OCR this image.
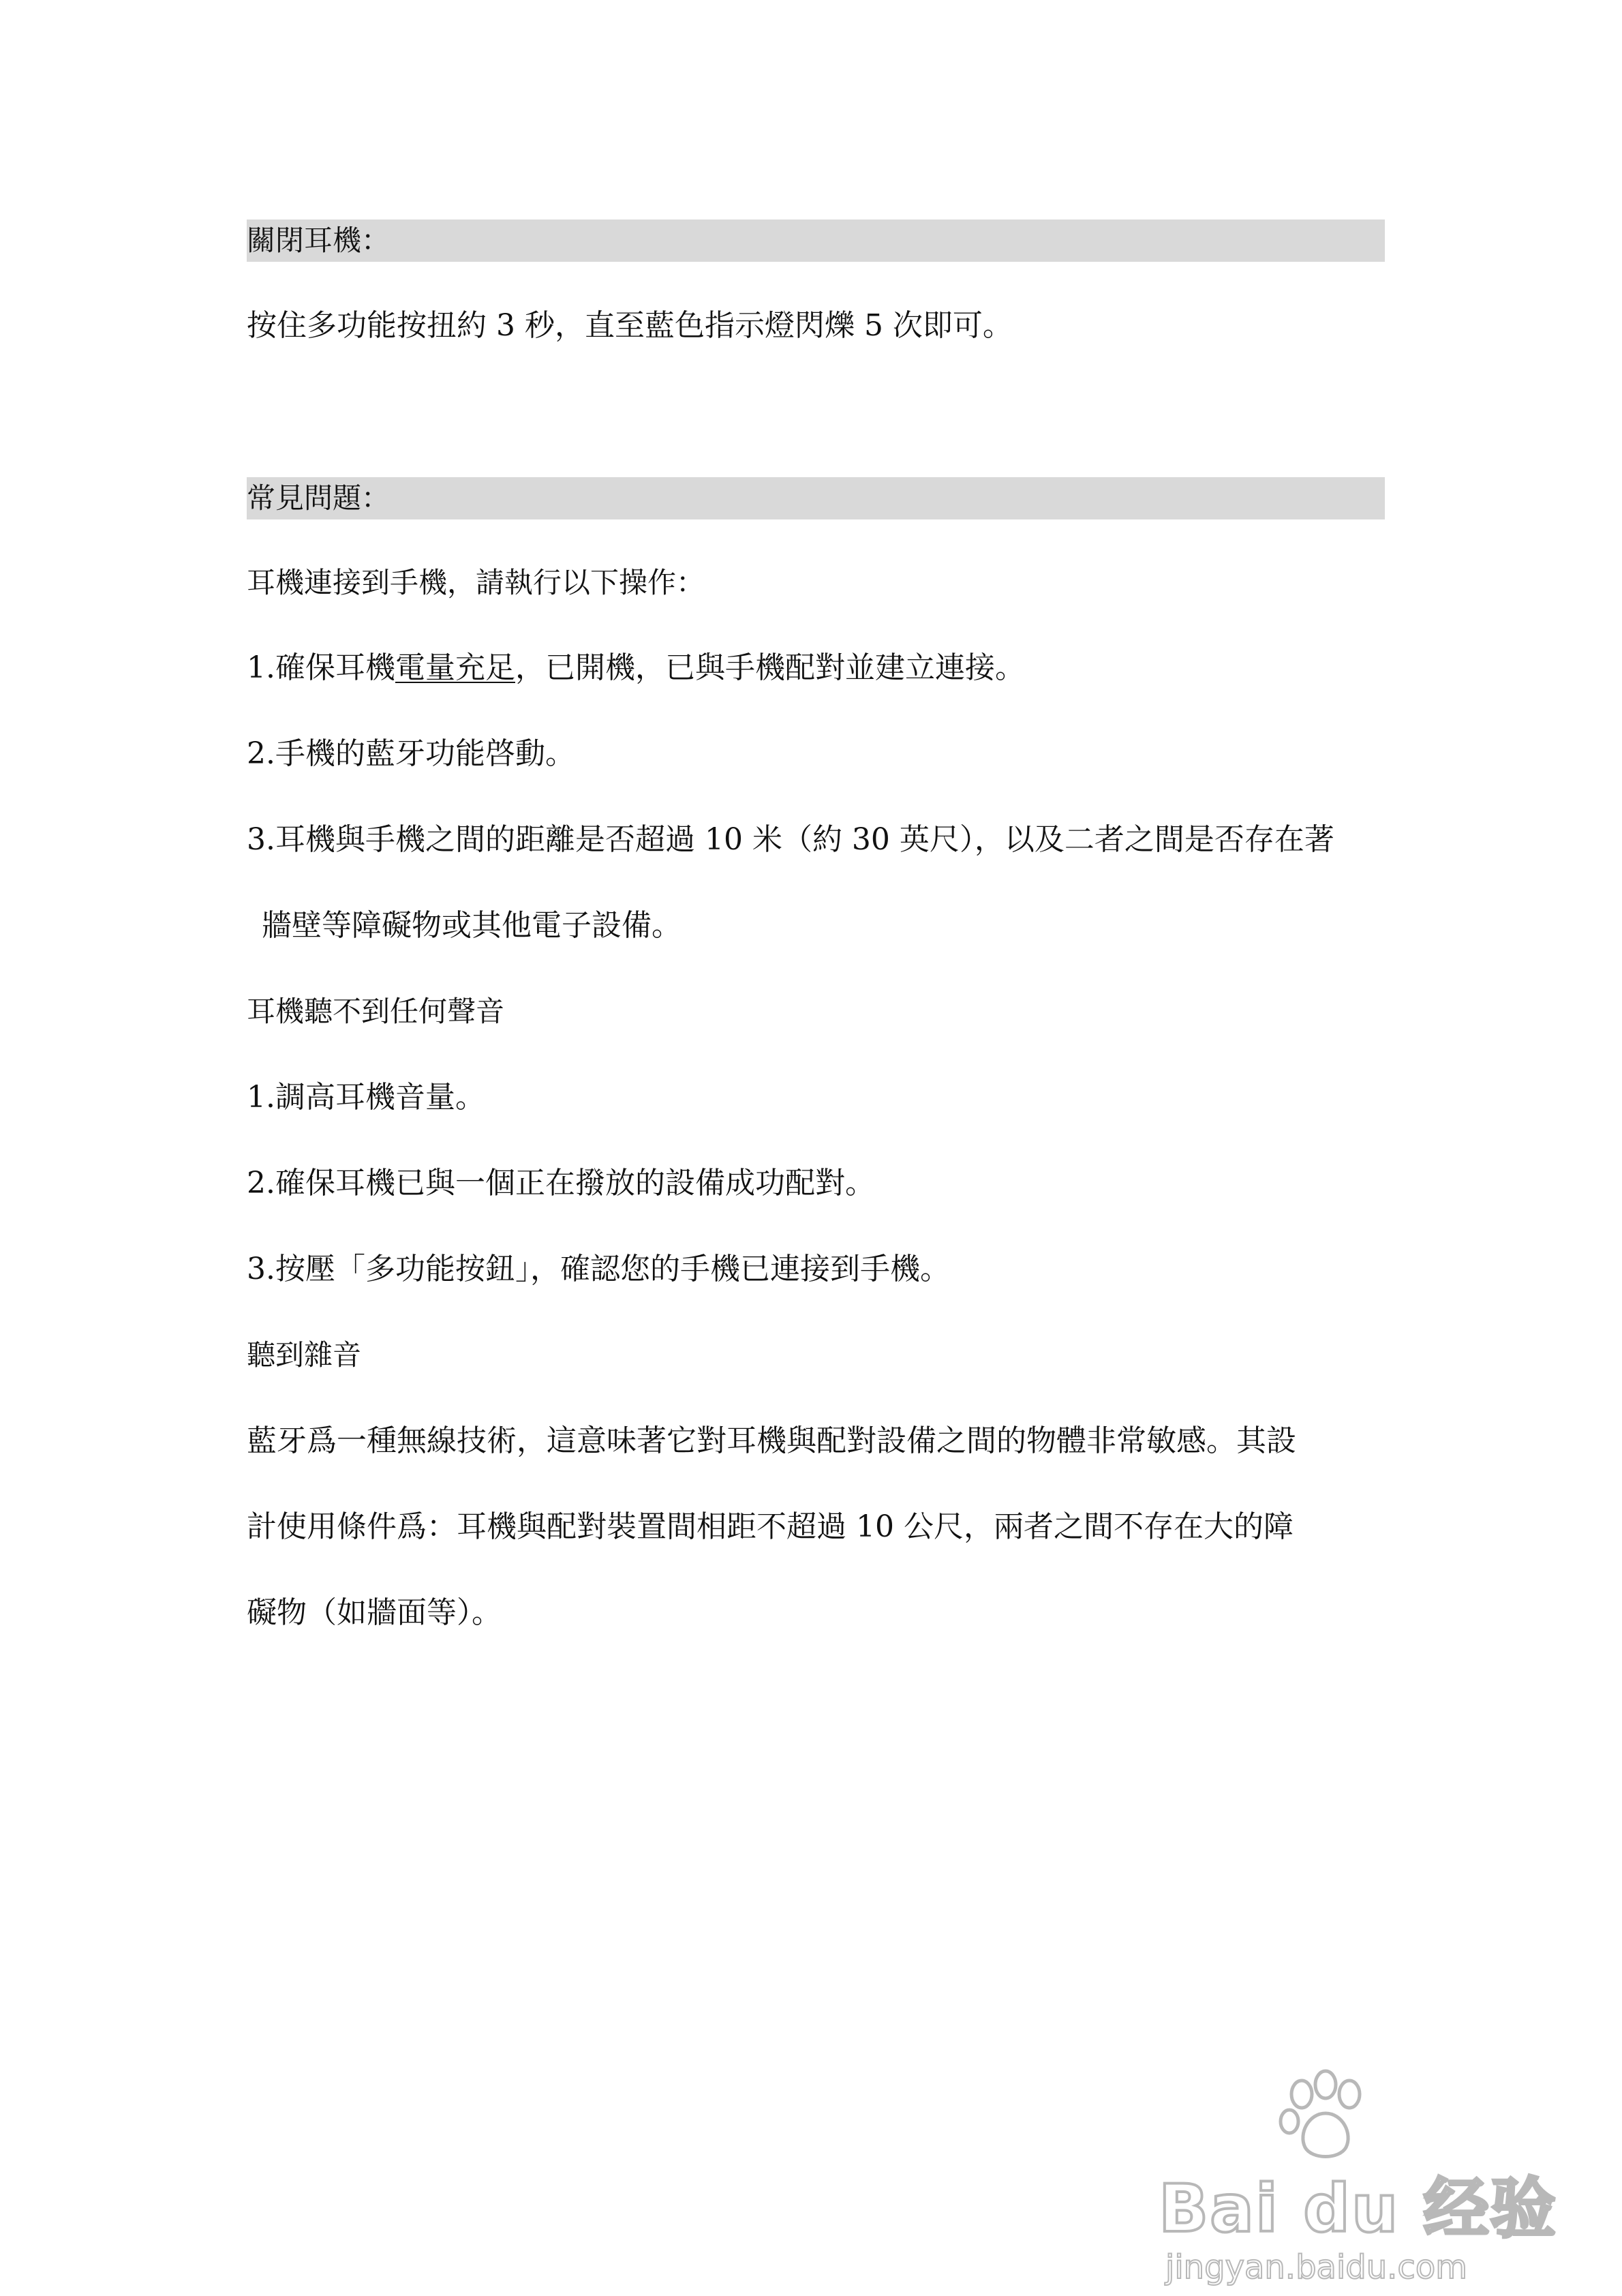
關閉耳機：
按住多功能按扭約 3 秒，直至藍色指示燈閃爍 5 次即可。
常見問題：
耳機連接到手機，請執行以下操作：
1.確保耳機電量充足，已開機，已與手機配對並建立連接。
2.手機的藍牙功能啓動。
3.耳機與手機之間的距離是否超過 10 米（約 30 英尺），以及二者之間是否存在著
牆壁等障礙物或其他電子設備。
耳機聽不到任何聲音
1.調高耳機音量。
2.確保耳機已與一個正在撥放的設備成功配對。
3.按壓「多功能按鈕」，確認您的手機已連接到手機。
聽到雜音
藍牙爲一種無線技術，這意味著它對耳機與配對設備之間的物體非常敏感。其設
計使用條件爲：耳機與配對裝置間相距不超過 10 公尺，兩者之間不存在大的障
礙物（如牆面等）。
Bai du 经验
jingyan.baidu.com
